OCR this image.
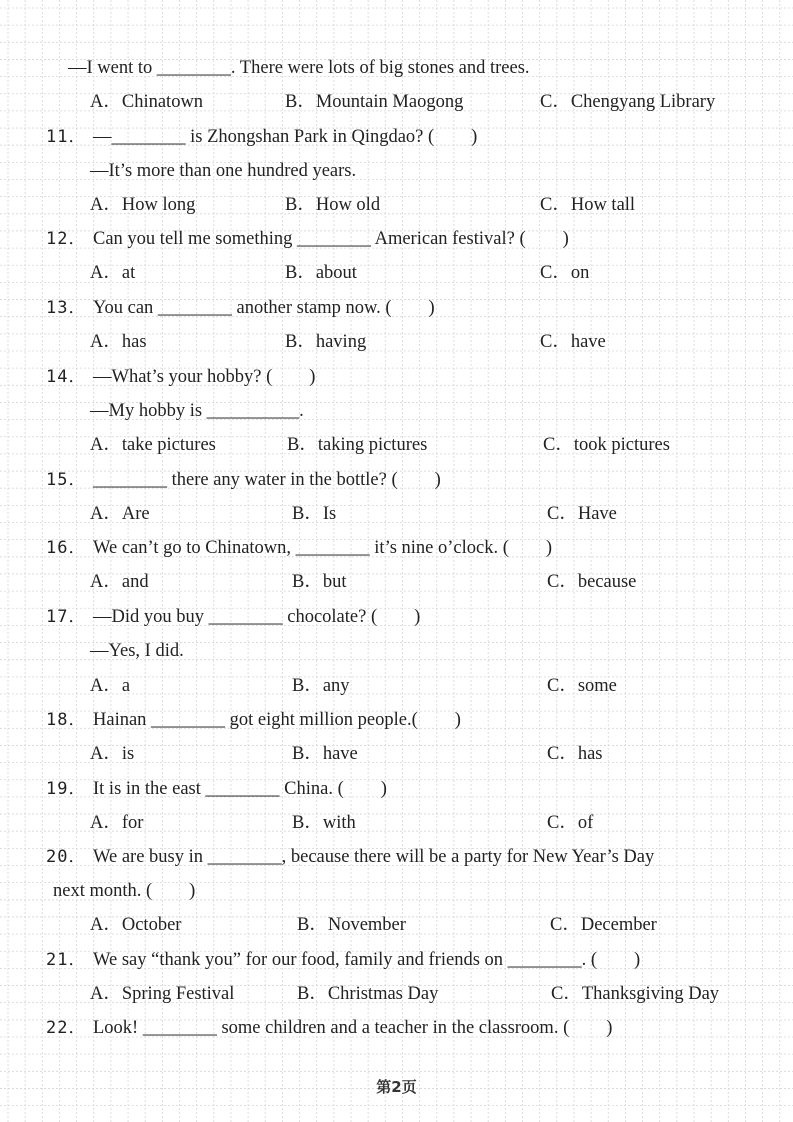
—I went to ________. There were lots of big stones and trees.
A．Chinatown	B．Mountain Maogong	C．Chengyang Library
11． —________ is Zhongshan Park in Qingdao? (　　)
—It’s more than one hundred years.
A．How long	B．How old	C．How tall
12． Can you tell me something ________ American festival? (　　)
A．at	B．about	C．on
13． You can ________ another stamp now. (　　)
A．has	B．having	C．have
14． —What’s your hobby? (　　)
—My hobby is __________.
A．take pictures	B．taking pictures	C．took pictures
15． ________ there any water in the bottle? (　　)
A．Are	B．Is	C．Have
16． We can’t go to Chinatown, ________ it’s nine o’clock. (　　)
A．and	B．but	C．because
17． —Did you buy ________ chocolate? (　　)
—Yes, I did.
A．a	B．any	C．some
18． Hainan ________ got eight million people.(　　)
A．is	B．have	C．has
19． It is in the east ________ China. (　　)
A．for	B．with	C．of
20． We are busy in ________, because there will be a party for New Year’s Day
next month. (　　)
A．October	B．November	C．December
21． We say “thank you” for our food, family and friends on ________. (　　)
A．Spring Festival	B．Christmas Day	C．Thanksgiving Day
22． Look! ________ some children and a teacher in the classroom. (　　)
第2页
